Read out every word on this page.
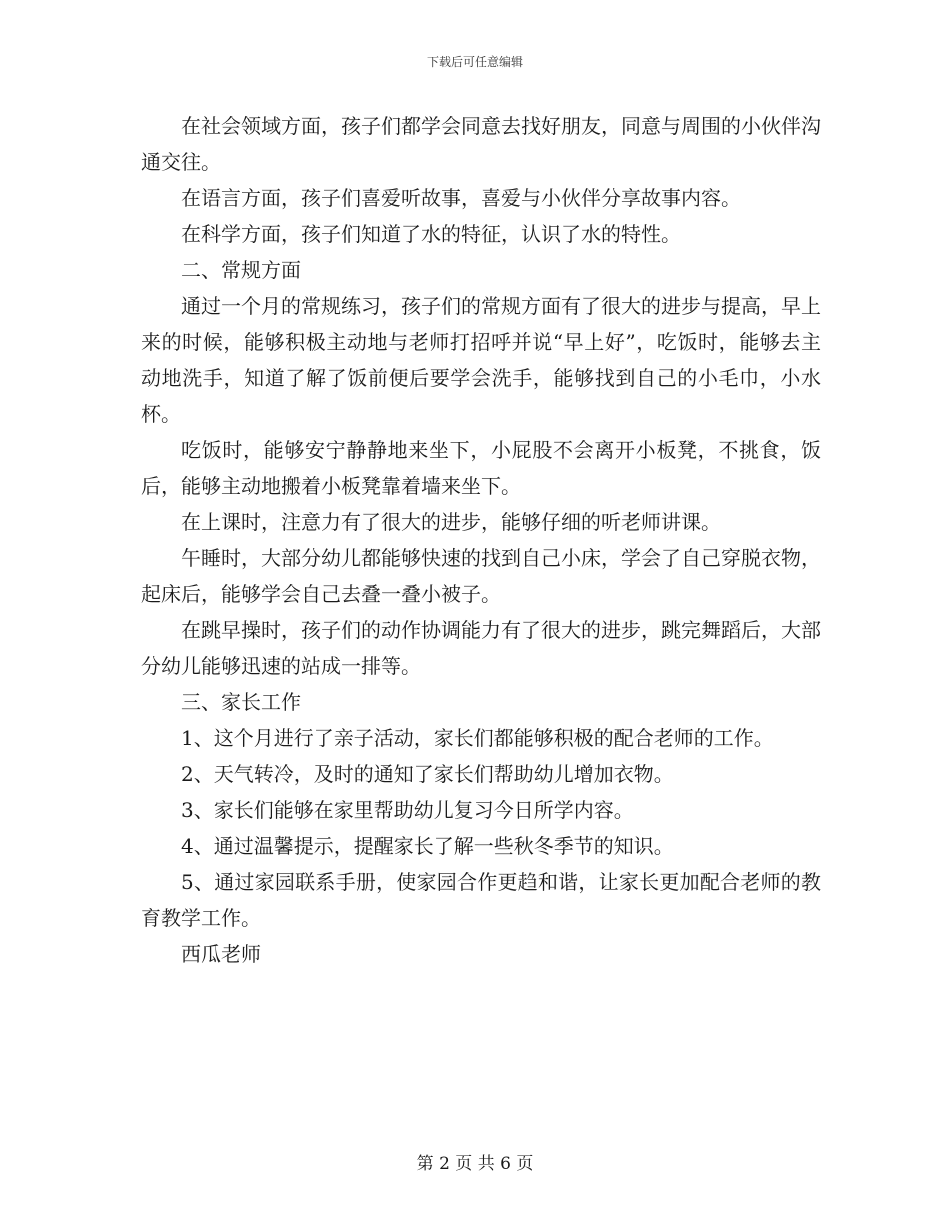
下载后可任意编辑

在社会领域方面，孩子们都学会同意去找好朋友，同意与周围的小伙伴沟通交往。

在语言方面，孩子们喜爱听故事，喜爱与小伙伴分享故事内容。

在科学方面，孩子们知道了水的特征，认识了水的特性。

二、常规方面

通过一个月的常规练习，孩子们的常规方面有了很大的进步与提高，早上来的时候，能够积极主动地与老师打招呼并说“早上好”，吃饭时，能够去主动地洗手，知道了解了饭前便后要学会洗手，能够找到自己的小毛巾，小水杯。

吃饭时，能够安宁静静地来坐下，小屁股不会离开小板凳，不挑食，饭后，能够主动地搬着小板凳靠着墙来坐下。

在上课时，注意力有了很大的进步，能够仔细的听老师讲课。

午睡时，大部分幼儿都能够快速的找到自己小床，学会了自己穿脱衣物，起床后，能够学会自己去叠一叠小被子。

在跳早操时，孩子们的动作协调能力有了很大的进步，跳完舞蹈后，大部分幼儿能够迅速的站成一排等。

三、家长工作

1、这个月进行了亲子活动，家长们都能够积极的配合老师的工作。

2、天气转冷，及时的通知了家长们帮助幼儿增加衣物。

3、家长们能够在家里帮助幼儿复习今日所学内容。

4、通过温馨提示，提醒家长了解一些秋冬季节的知识。

5、通过家园联系手册，使家园合作更趋和谐，让家长更加配合老师的教育教学工作。

西瓜老师

第 2 页 共 6 页
